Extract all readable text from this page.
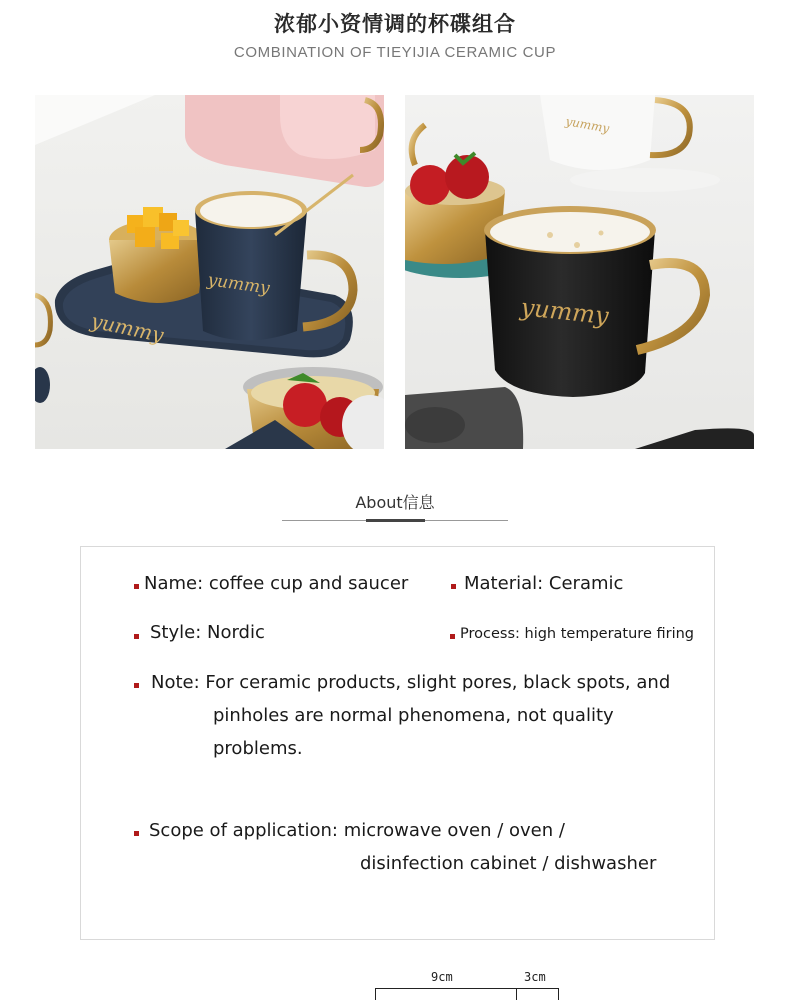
浓郁小资情调的杯碟组合
COMBINATION OF TIEYIJIA CERAMIC CUP
yummy
yummy
yummy
yummy
About信息
Name: coffee cup and saucer	Material: Ceramic
Style: Nordic	Process: high temperature firing
Note: For ceramic products, slight pores, black spots, and
pinholes are normal phenomena, not quality
problems.
Scope of application: microwave oven / oven /
disinfection cabinet / dishwasher
9cm	3cm
